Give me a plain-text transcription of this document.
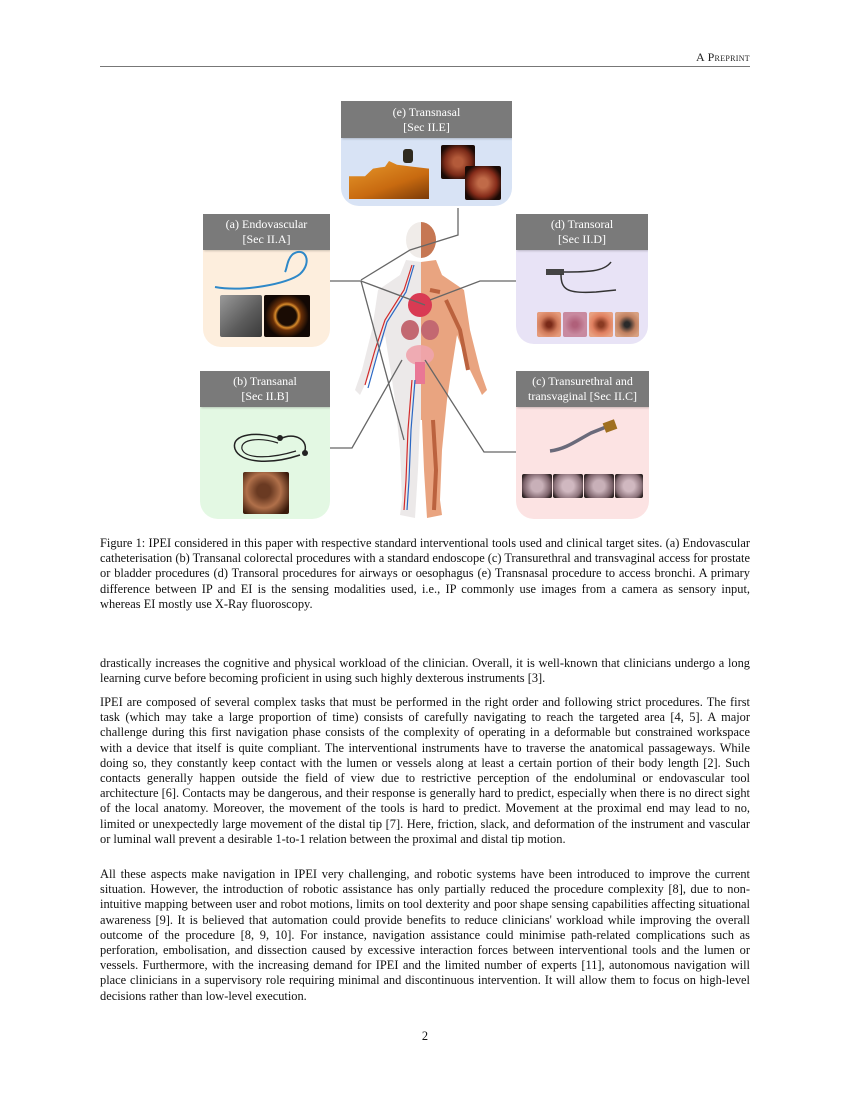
A Preprint
(e) Transnasal
[Sec II.E]
(a) Endovascular
[Sec II.A]
(d) Transoral
[Sec II.D]
(b) Transanal
[Sec II.B]
(c) Transurethral and
transvaginal [Sec II.C]
Figure 1: IPEI considered in this paper with respective standard interventional tools used and clinical target sites. (a) Endovascular catheterisation (b) Transanal colorectal procedures with a standard endoscope (c) Transurethral and transvaginal access for prostate or bladder procedures (d) Transoral procedures for airways or oesophagus (e) Transnasal procedure to access bronchi. A primary difference between IP and EI is the sensing modalities used, i.e., IP commonly use images from a camera as sensory input, whereas EI mostly use X-Ray fluoroscopy.

drastically increases the cognitive and physical workload of the clinician. Overall, it is well-known that clinicians undergo a long learning curve before becoming proficient in using such highly dexterous instruments [3].

IPEI are composed of several complex tasks that must be performed in the right order and following strict procedures. The first task (which may take a large proportion of time) consists of carefully navigating to reach the targeted area [4, 5]. A major challenge during this first navigation phase consists of the complexity of operating in a deformable but constrained workspace with a device that itself is quite compliant. The interventional instruments have to traverse the anatomical passageways. While doing so, they constantly keep contact with the lumen or vessels along at least a certain portion of their body length [2]. Such contacts generally happen outside the field of view due to restrictive perception of the endoluminal or endovascular tool architecture [6]. Contacts may be dangerous, and their response is generally hard to predict, especially when there is no direct sight of the local anatomy. Moreover, the movement of the tools is hard to predict. Movement at the proximal end may lead to no, limited or unexpectedly large movement of the distal tip [7]. Here, friction, slack, and deformation of the instrument and vascular or luminal wall prevent a desirable 1-to-1 relation between the proximal and distal tip motion.

All these aspects make navigation in IPEI very challenging, and robotic systems have been introduced to improve the current situation. However, the introduction of robotic assistance has only partially reduced the procedure complexity [8], due to non-intuitive mapping between user and robot motions, limits on tool dexterity and poor shape sensing capabilities affecting situational awareness [9]. It is believed that automation could provide benefits to reduce clinicians' workload while improving the overall outcome of the procedure [8, 9, 10]. For instance, navigation assistance could minimise path-related complications such as perforation, embolisation, and dissection caused by excessive interaction forces between interventional tools and the lumen or vessels. Furthermore, with the increasing demand for IPEI and the limited number of experts [11], autonomous navigation will place clinicians in a supervisory role requiring minimal and discontinuous intervention. It will allow them to focus on high-level decisions rather than low-level execution.

2
